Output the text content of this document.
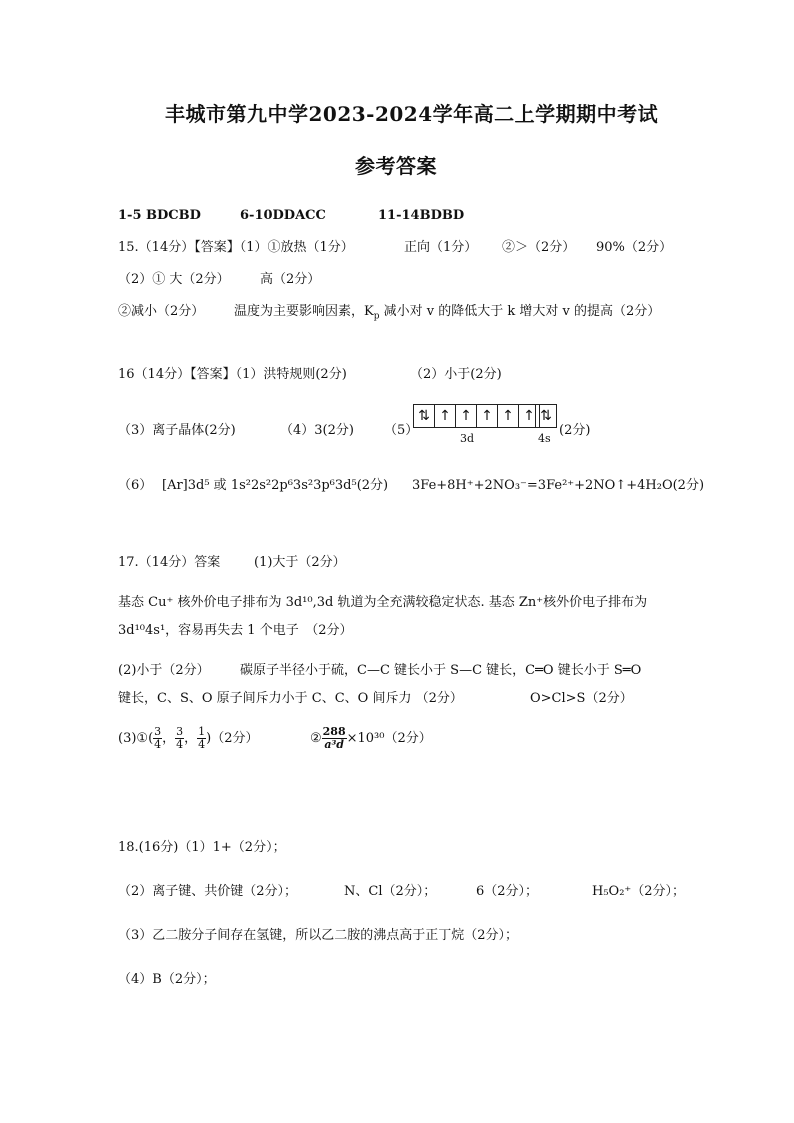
丰城市第九中学2023-2024学年高二上学期期中考试
参考答案
1-5 BDCBD	6-10DDACC	11-14BDBD
15.（14分）【答案】（1）①放热（1分）	正向（1分） ②＞（2分） 90%（2分）
（2）① 大（2分） 高（2分）
②减小（2分） 温度为主要影响因素，$K_p$ 减小对 v 的降低大于 k 增大对 v 的提高（2分）
16（14分）【答案】（1）洪特规则(2分)	（2）小于(2分)
（3）离子晶体(2分)	（4）3(2分) （5）
⇅ ↑ ↑ ↑ ↑ ↑ ⇅
3d	4s
(2分)
（6） [Ar]3d⁵ 或 1s²2s²2p⁶3s²3p⁶3d⁵(2分) 3Fe+8H⁺+2NO₃⁻=3Fe²⁺+2NO↑+4H₂O(2分)
17.（14分）答案	(1)大于（2分）
基态 Cu⁺ 核外价电子排布为 3d¹⁰,3d 轨道为全充满较稳定状态. 基态 Zn⁺核外价电子排布为
3d¹⁰4s¹，容易再失去 1 个电子　（2分）
(2)小于（2分） 碳原子半径小于硫，C—C 键长小于 S—C 键长，C═O 键长小于 S═O
键长，C、S、O 原子间斥力小于 C、C、O 间斥力 （2分）	O>Cl>S（2分）
(3)①( $\frac{3}{4}$ ， $\frac{3}{4}$ ， $\frac{1}{4} )(2$分）	② $\frac{288}{\text{a³d}} \times 10^{30}(2$分）
18.(16分)（1）1+（2分）；
（2）离子键、共价键（2分）；	N、Cl（2分）；	6（2分）；	H₅O₂⁺（2分）；
（3）乙二胺分子间存在氢键，所以乙二胺的沸点高于正丁烷（2分）；
（4）B（2分）；
